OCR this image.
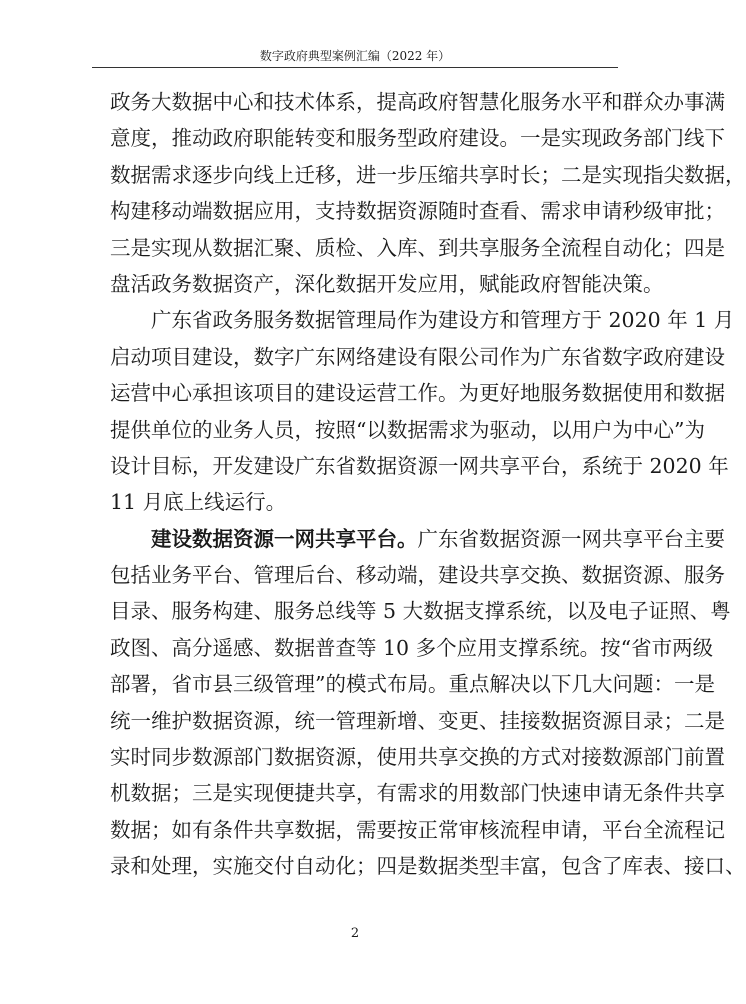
数字政府典型案例汇编（2022 年）
政务大数据中心和技术体系，提高政府智慧化服务水平和群众办事满
意度，推动政府职能转变和服务型政府建设。一是实现政务部门线下
数据需求逐步向线上迁移，进一步压缩共享时长；二是实现指尖数据，
构建移动端数据应用，支持数据资源随时查看、需求申请秒级审批；
三是实现从数据汇聚、质检、入库、到共享服务全流程自动化；四是
盘活政务数据资产，深化数据开发应用，赋能政府智能决策。
广东省政务服务数据管理局作为建设方和管理方于 2020 年 1 月
启动项目建设，数字广东网络建设有限公司作为广东省数字政府建设
运营中心承担该项目的建设运营工作。为更好地服务数据使用和数据
提供单位的业务人员，按照“以数据需求为驱动，以用户为中心”为
设计目标，开发建设广东省数据资源一网共享平台，系统于 2020 年
11 月底上线运行。
建设数据资源一网共享平台。广东省数据资源一网共享平台主要
包括业务平台、管理后台、移动端，建设共享交换、数据资源、服务
目录、服务构建、服务总线等 5 大数据支撑系统，以及电子证照、粤
政图、高分遥感、数据普查等 10 多个应用支撑系统。按“省市两级
部署，省市县三级管理”的模式布局。重点解决以下几大问题：一是
统一维护数据资源，统一管理新增、变更、挂接数据资源目录；二是
实时同步数源部门数据资源，使用共享交换的方式对接数源部门前置
机数据；三是实现便捷共享，有需求的用数部门快速申请无条件共享
数据；如有条件共享数据，需要按正常审核流程申请，平台全流程记
录和处理，实施交付自动化；四是数据类型丰富，包含了库表、接口、
2
